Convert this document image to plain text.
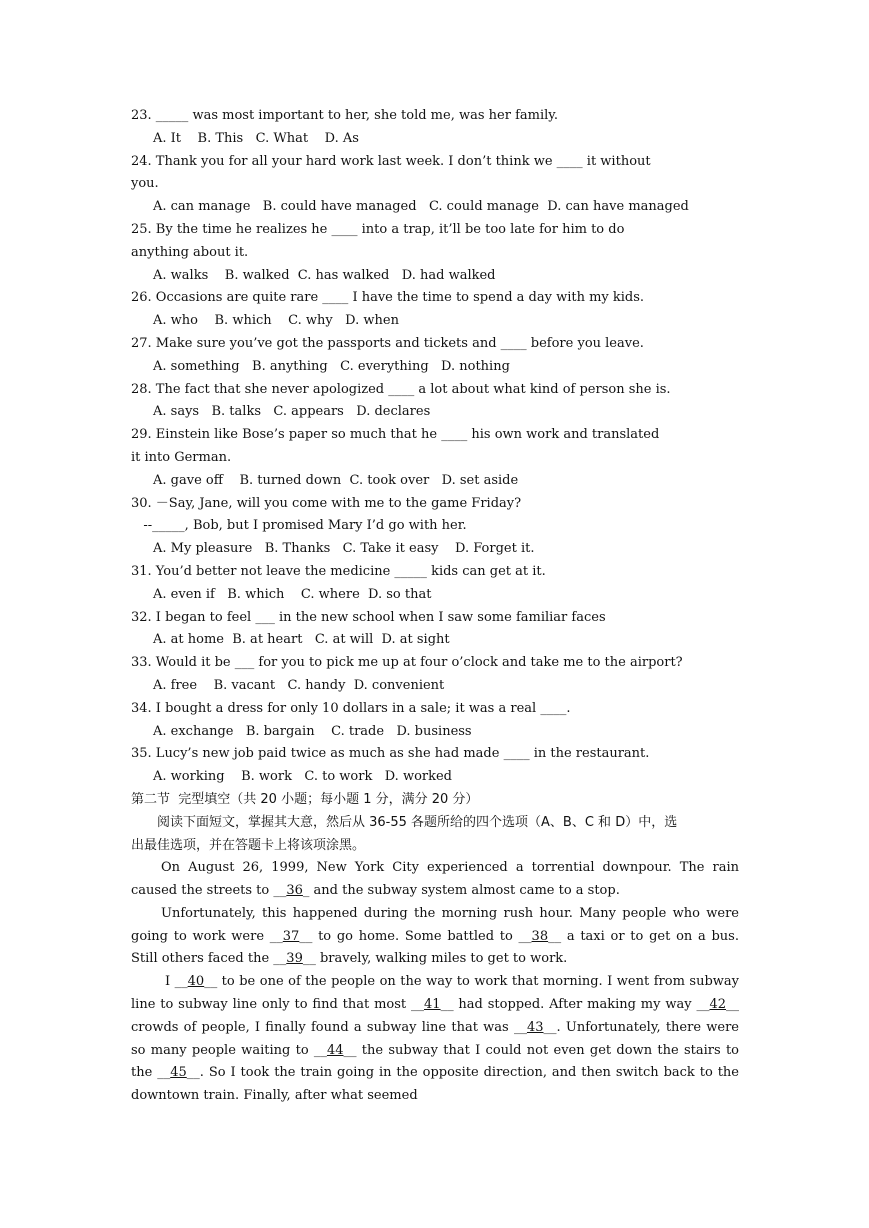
23. _____ was most important to her, she told me, was her family.
A. It    B. This   C. What    D. As
24. Thank you for all your hard work last week. I don’t think we ____ it without
you.
A. can manage   B. could have managed   C. could manage  D. can have managed
25. By the time he realizes he ____ into a trap, it’ll be too late for him to do
anything about it.
A. walks    B. walked  C. has walked   D. had walked
26. Occasions are quite rare ____ I have the time to spend a day with my kids.
A. who    B. which    C. why   D. when
27. Make sure you’ve got the passports and tickets and ____ before you leave.
A. something   B. anything   C. everything   D. nothing
28. The fact that she never apologized ____ a lot about what kind of person she is.
A. says   B. talks   C. appears   D. declares
29. Einstein like Bose’s paper so much that he ____ his own work and translated
it into German.
A. gave off    B. turned down  C. took over   D. set aside
30. －Say, Jane, will you come with me to the game Friday?
--_____, Bob, but I promised Mary I’d go with her.
A. My pleasure   B. Thanks   C. Take it easy    D. Forget it.
31. You’d better not leave the medicine _____ kids can get at it.
A. even if   B. which    C. where  D. so that
32. I began to feel ___ in the new school when I saw some familiar faces
A. at home  B. at heart   C. at will  D. at sight
33. Would it be ___ for you to pick me up at four o’clock and take me to the airport?
A. free    B. vacant   C. handy  D. convenient
34. I bought a dress for only 10 dollars in a sale; it was a real ____.
A. exchange   B. bargain    C. trade   D. business
35. Lucy’s new job paid twice as much as she had made ____ in the restaurant.
A. working    B. work   C. to work   D. worked
第二节  完型填空（共 20 小题；每小题 1 分，满分 20 分）
阅读下面短文，掌握其大意，然后从 36-55 各题所给的四个选项（A、B、C 和 D）中，选
出最佳选项，并在答题卡上将该项涂黑。
On August 26, 1999, New York City experienced a torrential downpour. The rain caused the streets to __36_ and the subway system almost came to a stop.
Unfortunately, this happened during the morning rush hour. Many people who were going to work were __37__ to go home. Some battled to __38__ a taxi or to get on a bus. Still others faced the __39__ bravely, walking miles to get to work.
I __40__ to be one of the people on the way to work that morning. I went from subway line to subway line only to find that most __41__ had stopped. After making my way __42__ crowds of people, I finally found a subway line that was __43__. Unfortunately, there were so many people waiting to __44__ the subway that I could not even get down the stairs to the __45__. So I took the train going in the opposite direction, and then switch back to the downtown train. Finally, after what seemed
